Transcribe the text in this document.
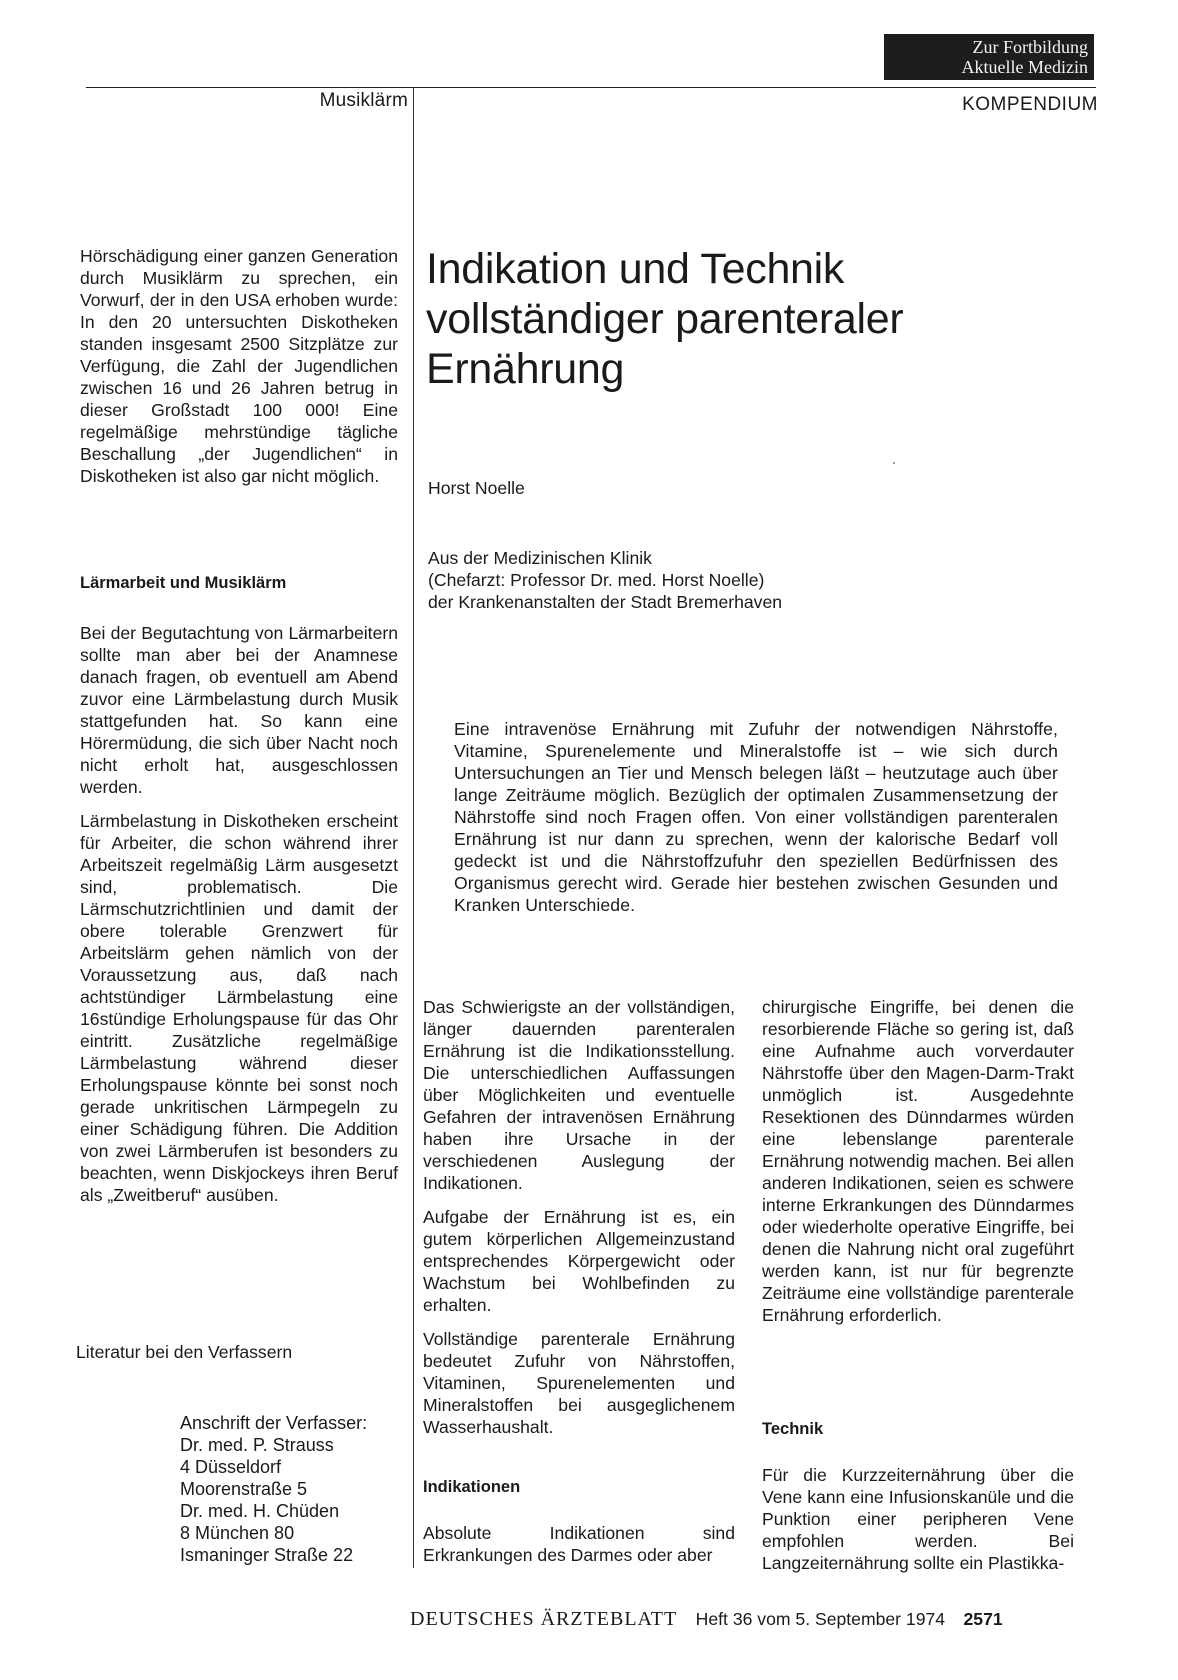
Zur Fortbildung
Aktuelle Medizin
Musiklärm	KOMPENDIUM

Hörschädigung einer ganzen Generation durch Musiklärm zu sprechen, ein Vorwurf, der in den USA erhoben wurde: In den 20 untersuchten Diskotheken standen insgesamt 2500 Sitzplätze zur Verfügung, die Zahl der Jugendlichen zwischen 16 und 26 Jahren betrug in dieser Großstadt 100 000! Eine regelmäßige mehrstündige tägliche Beschallung „der Jugendlichen“ in Diskotheken ist also gar nicht möglich.

Lärmarbeit und Musiklärm

Bei der Begutachtung von Lärmarbeitern sollte man aber bei der Anamnese danach fragen, ob eventuell am Abend zuvor eine Lärmbelastung durch Musik stattgefunden hat. So kann eine Hörermüdung, die sich über Nacht noch nicht erholt hat, ausgeschlossen werden.

Lärmbelastung in Diskotheken erscheint für Arbeiter, die schon während ihrer Arbeitszeit regelmäßig Lärm ausgesetzt sind, problematisch. Die Lärmschutzrichtlinien und damit der obere tolerable Grenzwert für Arbeitslärm gehen nämlich von der Voraussetzung aus, daß nach achtstündiger Lärmbelastung eine 16stündige Erholungspause für das Ohr eintritt. Zusätzliche regelmäßige Lärmbelastung während dieser Erholungspause könnte bei sonst noch gerade unkritischen Lärmpegeln zu einer Schädigung führen. Die Addition von zwei Lärmberufen ist besonders zu beachten, wenn Diskjockeys ihren Beruf als „Zweitberuf“ ausüben.

Literatur bei den Verfassern
Anschrift der Verfasser:
Dr. med. P. Strauss
4 Düsseldorf
Moorenstraße 5
Dr. med. H. Chüden
8 München 80
Ismaninger Straße 22
Indikation und Technik vollständiger parenteraler Ernährung
Horst Noelle
Aus der Medizinischen Klinik
(Chefarzt: Professor Dr. med. Horst Noelle)
der Krankenanstalten der Stadt Bremerhaven
Eine intravenöse Ernährung mit Zufuhr der notwendigen Nährstoffe, Vitamine, Spurenelemente und Mineralstoffe ist – wie sich durch Untersuchungen an Tier und Mensch belegen läßt – heutzutage auch über lange Zeiträume möglich. Bezüglich der optimalen Zusammensetzung der Nährstoffe sind noch Fragen offen. Von einer vollständigen parenteralen Ernährung ist nur dann zu sprechen, wenn der kalorische Bedarf voll gedeckt ist und die Nährstoffzufuhr den speziellen Bedürfnissen des Organismus gerecht wird. Gerade hier bestehen zwischen Gesunden und Kranken Unterschiede.

Das Schwierigste an der vollständigen, länger dauernden parenteralen Ernährung ist die Indikationsstellung. Die unterschiedlichen Auffassungen über Möglichkeiten und eventuelle Gefahren der intravenösen Ernährung haben ihre Ursache in der verschiedenen Auslegung der Indikationen.

Aufgabe der Ernährung ist es, ein gutem körperlichen Allgemeinzustand entsprechendes Körpergewicht oder Wachstum bei Wohlbefinden zu erhalten.

Vollständige parenterale Ernährung bedeutet Zufuhr von Nährstoffen, Vitaminen, Spurenelementen und Mineralstoffen bei ausgeglichenem Wasserhaushalt.

Indikationen

Absolute Indikationen sind Erkrankungen des Darmes oder aber

chirurgische Eingriffe, bei denen die resorbierende Fläche so gering ist, daß eine Aufnahme auch vorverdauter Nährstoffe über den Magen-Darm-Trakt unmöglich ist. Ausgedehnte Resektionen des Dünndarmes würden eine lebenslange parenterale Ernährung notwendig machen. Bei allen anderen Indikationen, seien es schwere interne Erkrankungen des Dünndarmes oder wiederholte operative Eingriffe, bei denen die Nahrung nicht oral zugeführt werden kann, ist nur für begrenzte Zeiträume eine vollständige parenterale Ernährung erforderlich.

Technik

Für die Kurzzeiternährung über die Vene kann eine Infusionskanüle und die Punktion einer peripheren Vene empfohlen werden. Bei Langzeiternährung sollte ein Plastikka-

DEUTSCHES ÄRZTEBLATT Heft 36 vom 5. September 1974 2571
